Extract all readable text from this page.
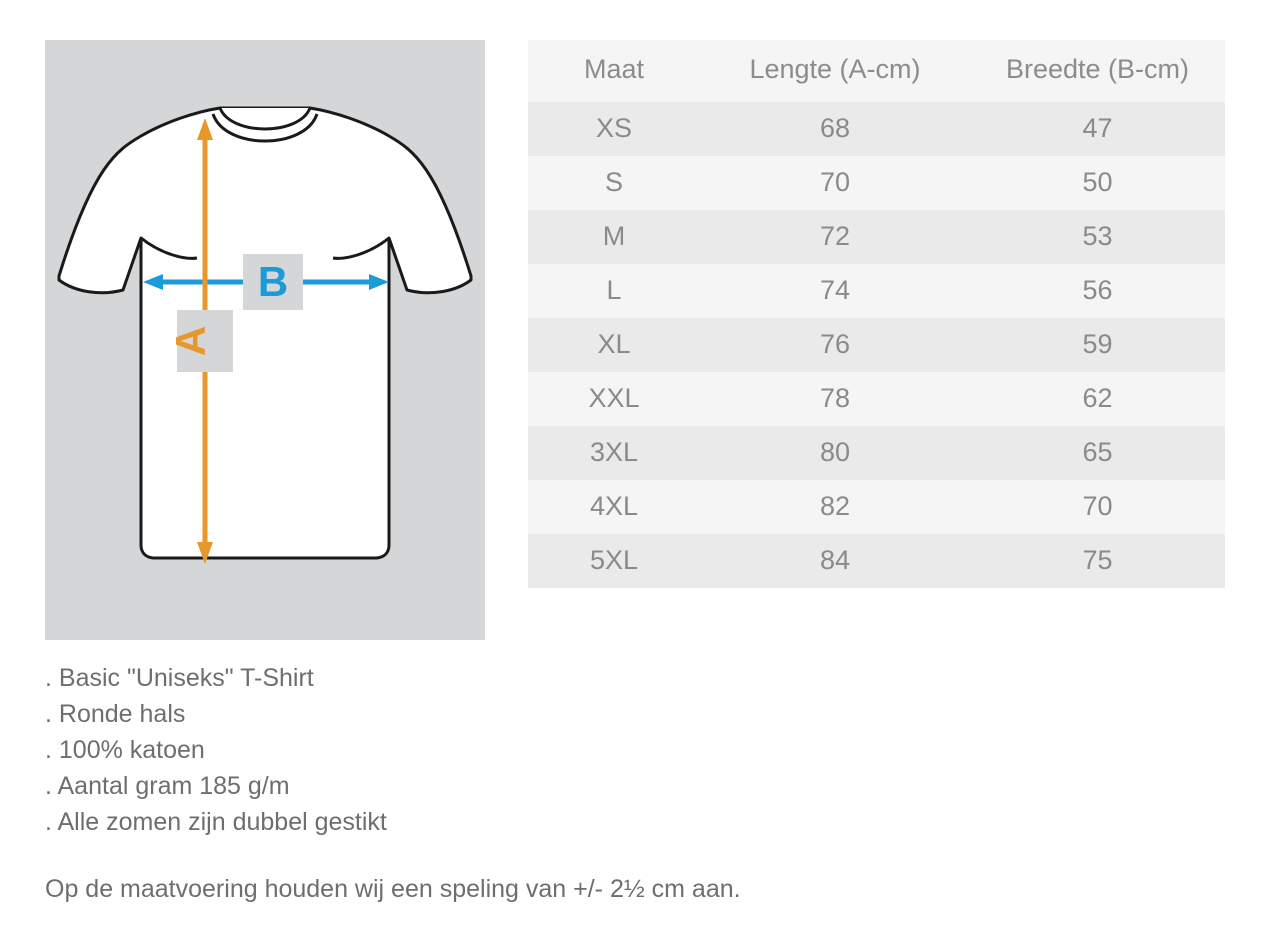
B
A
Maat	Lengte (A-cm)	Breedte (B-cm)
XS	68	47
S	70	50
M	72	53
L	74	56
XL	76	59
XXL	78	62
3XL	80	65
4XL	82	70
5XL	84	75
. Basic "Uniseks" T-Shirt
. Ronde hals
. 100% katoen
. Aantal gram 185 g/m
. Alle zomen zijn dubbel gestikt
Op de maatvoering houden wij een speling van +/- 2½ cm aan.
